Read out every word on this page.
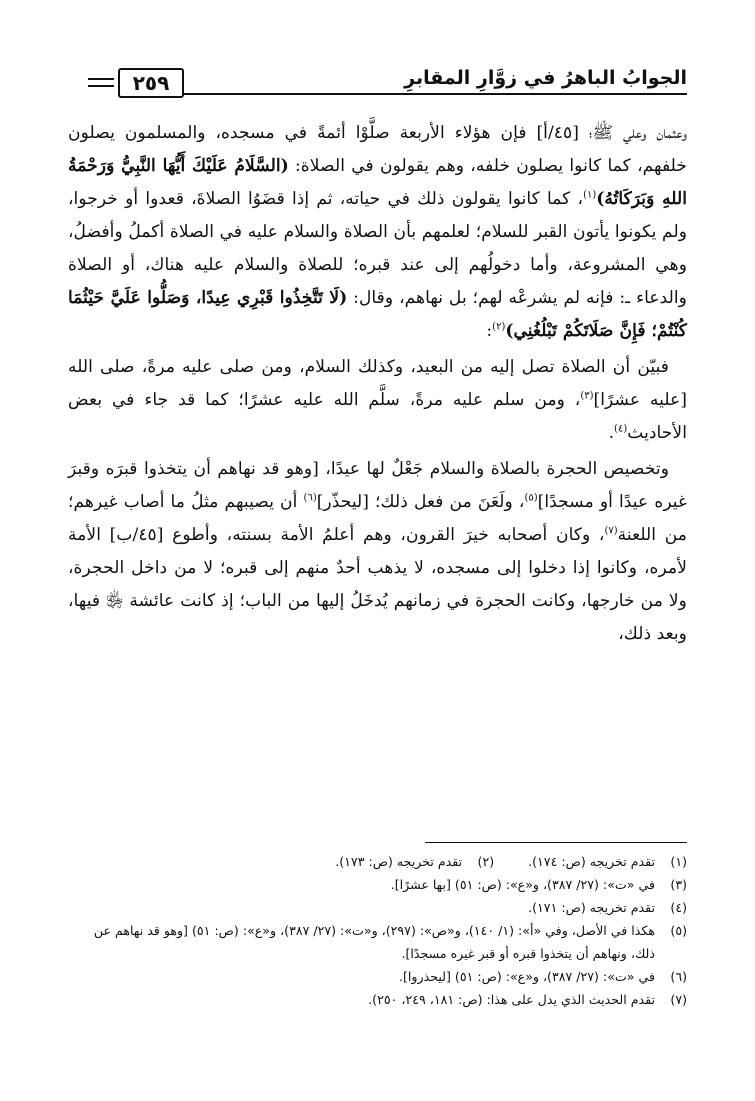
الجوابُ الباهرُ في زوَّارِ المقابرِ
٢٥٩

وعثمان وعلي ﷺ؛ [٤٥/أ] فإن هؤلاء الأربعة صلَّوْا أئمةً في مسجده، والمسلمون يصلون خلفهم، كما كانوا يصلون خلفه، وهم يقولون في الصلاة: (السَّلَامُ عَلَيْكَ أَيُّهَا النَّبِيُّ وَرَحْمَةُ اللهِ وَبَرَكَاتُهُ)$^{(١)}$، كما كانوا يقولون ذلك في حياته، ثم إذا قضَوُا الصلاةَ، قعدوا أو خرجوا، ولم يكونوا يأتون القبر للسلام؛ لعلمهم بأن الصلاة والسلام عليه في الصلاة أكملُ وأفضلُ، وهي المشروعة، وأما دخولُهم إلى عند قبره؛ للصلاة والسلام عليه هناك، أو الصلاة والدعاء ـ: فإنه لم يشرعْه لهم؛ بل نهاهم، وقال: (لَا تَتَّخِذُوا قَبْرِي عِيدًا، وَصَلُّوا عَلَيَّ حَيْثُمَا كُنْتُمْ؛ فَإِنَّ صَلَاتَكُمْ تَبْلُغُنِي)$^{(٢)}$:

فبيّن أن الصلاة تصل إليه من البعيد، وكذلك السلام، ومن صلى عليه مرةً، صلى الله [عليه عشرًا]$^{(٣)}$، ومن سلم عليه مرةً، سلَّم الله عليه عشرًا؛ كما قد جاء في بعض الأحاديث$^{(٤)}$.

وتخصيص الحجرة بالصلاة والسلام جَعْلٌ لها عيدًا، [وهو قد نهاهم أن يتخذوا قبرَه وقبرَ غيره عيدًا أو مسجدًا]$^{(٥)}$، ولَعَنَ من فعل ذلك؛ [ليحذّر]$^{(٦)}$ أن يصيبهم مثلُ ما أصاب غيرهم؛ من اللعنة$^{(٧)}$، وكان أصحابه خيرَ القرون، وهم أعلمُ الأمة بسنته، وأطوع [٤٥/ب] الأمة لأمره، وكانوا إذا دخلوا إلى مسجده، لا يذهب أحدٌ منهم إلى قبره؛ لا من داخل الحجرة، ولا من خارجها، وكانت الحجرة في زمانهم يُدخَلُ إليها من الباب؛ إذ كانت عائشة ﵂ فيها، وبعد ذلك،

(١)
تقدم تخريجه (ص: ١٧٤).
(٢)
تقدم تخريجه (ص: ١٧٣).
(٣)
في «ت»: (٢٧/ ٣٨٧)، و«ع»: (ص: ٥١) [بها عشرًا].
(٤)
تقدم تخريجه (ص: ١٧١).
(٥)
هكذا في الأصل، وفي «أ»: (١/ ١٤٠)، و«ص»: (٢٩٧)، و«ت»: (٢٧/ ٣٨٧)، و«ع»: (ص: ٥١) [وهو قد نهاهم عن ذلك، ونهاهم أن يتخذوا قبره أو قبر غيره مسجدًا].
(٦)
في «ت»: (٢٧/ ٣٨٧)، و«ع»: (ص: ٥١) [ليحذروا].
(٧)
تقدم الحديث الذي يدل على هذا: (ص: ١٨١، ٢٤٩، ٢٥٠).
